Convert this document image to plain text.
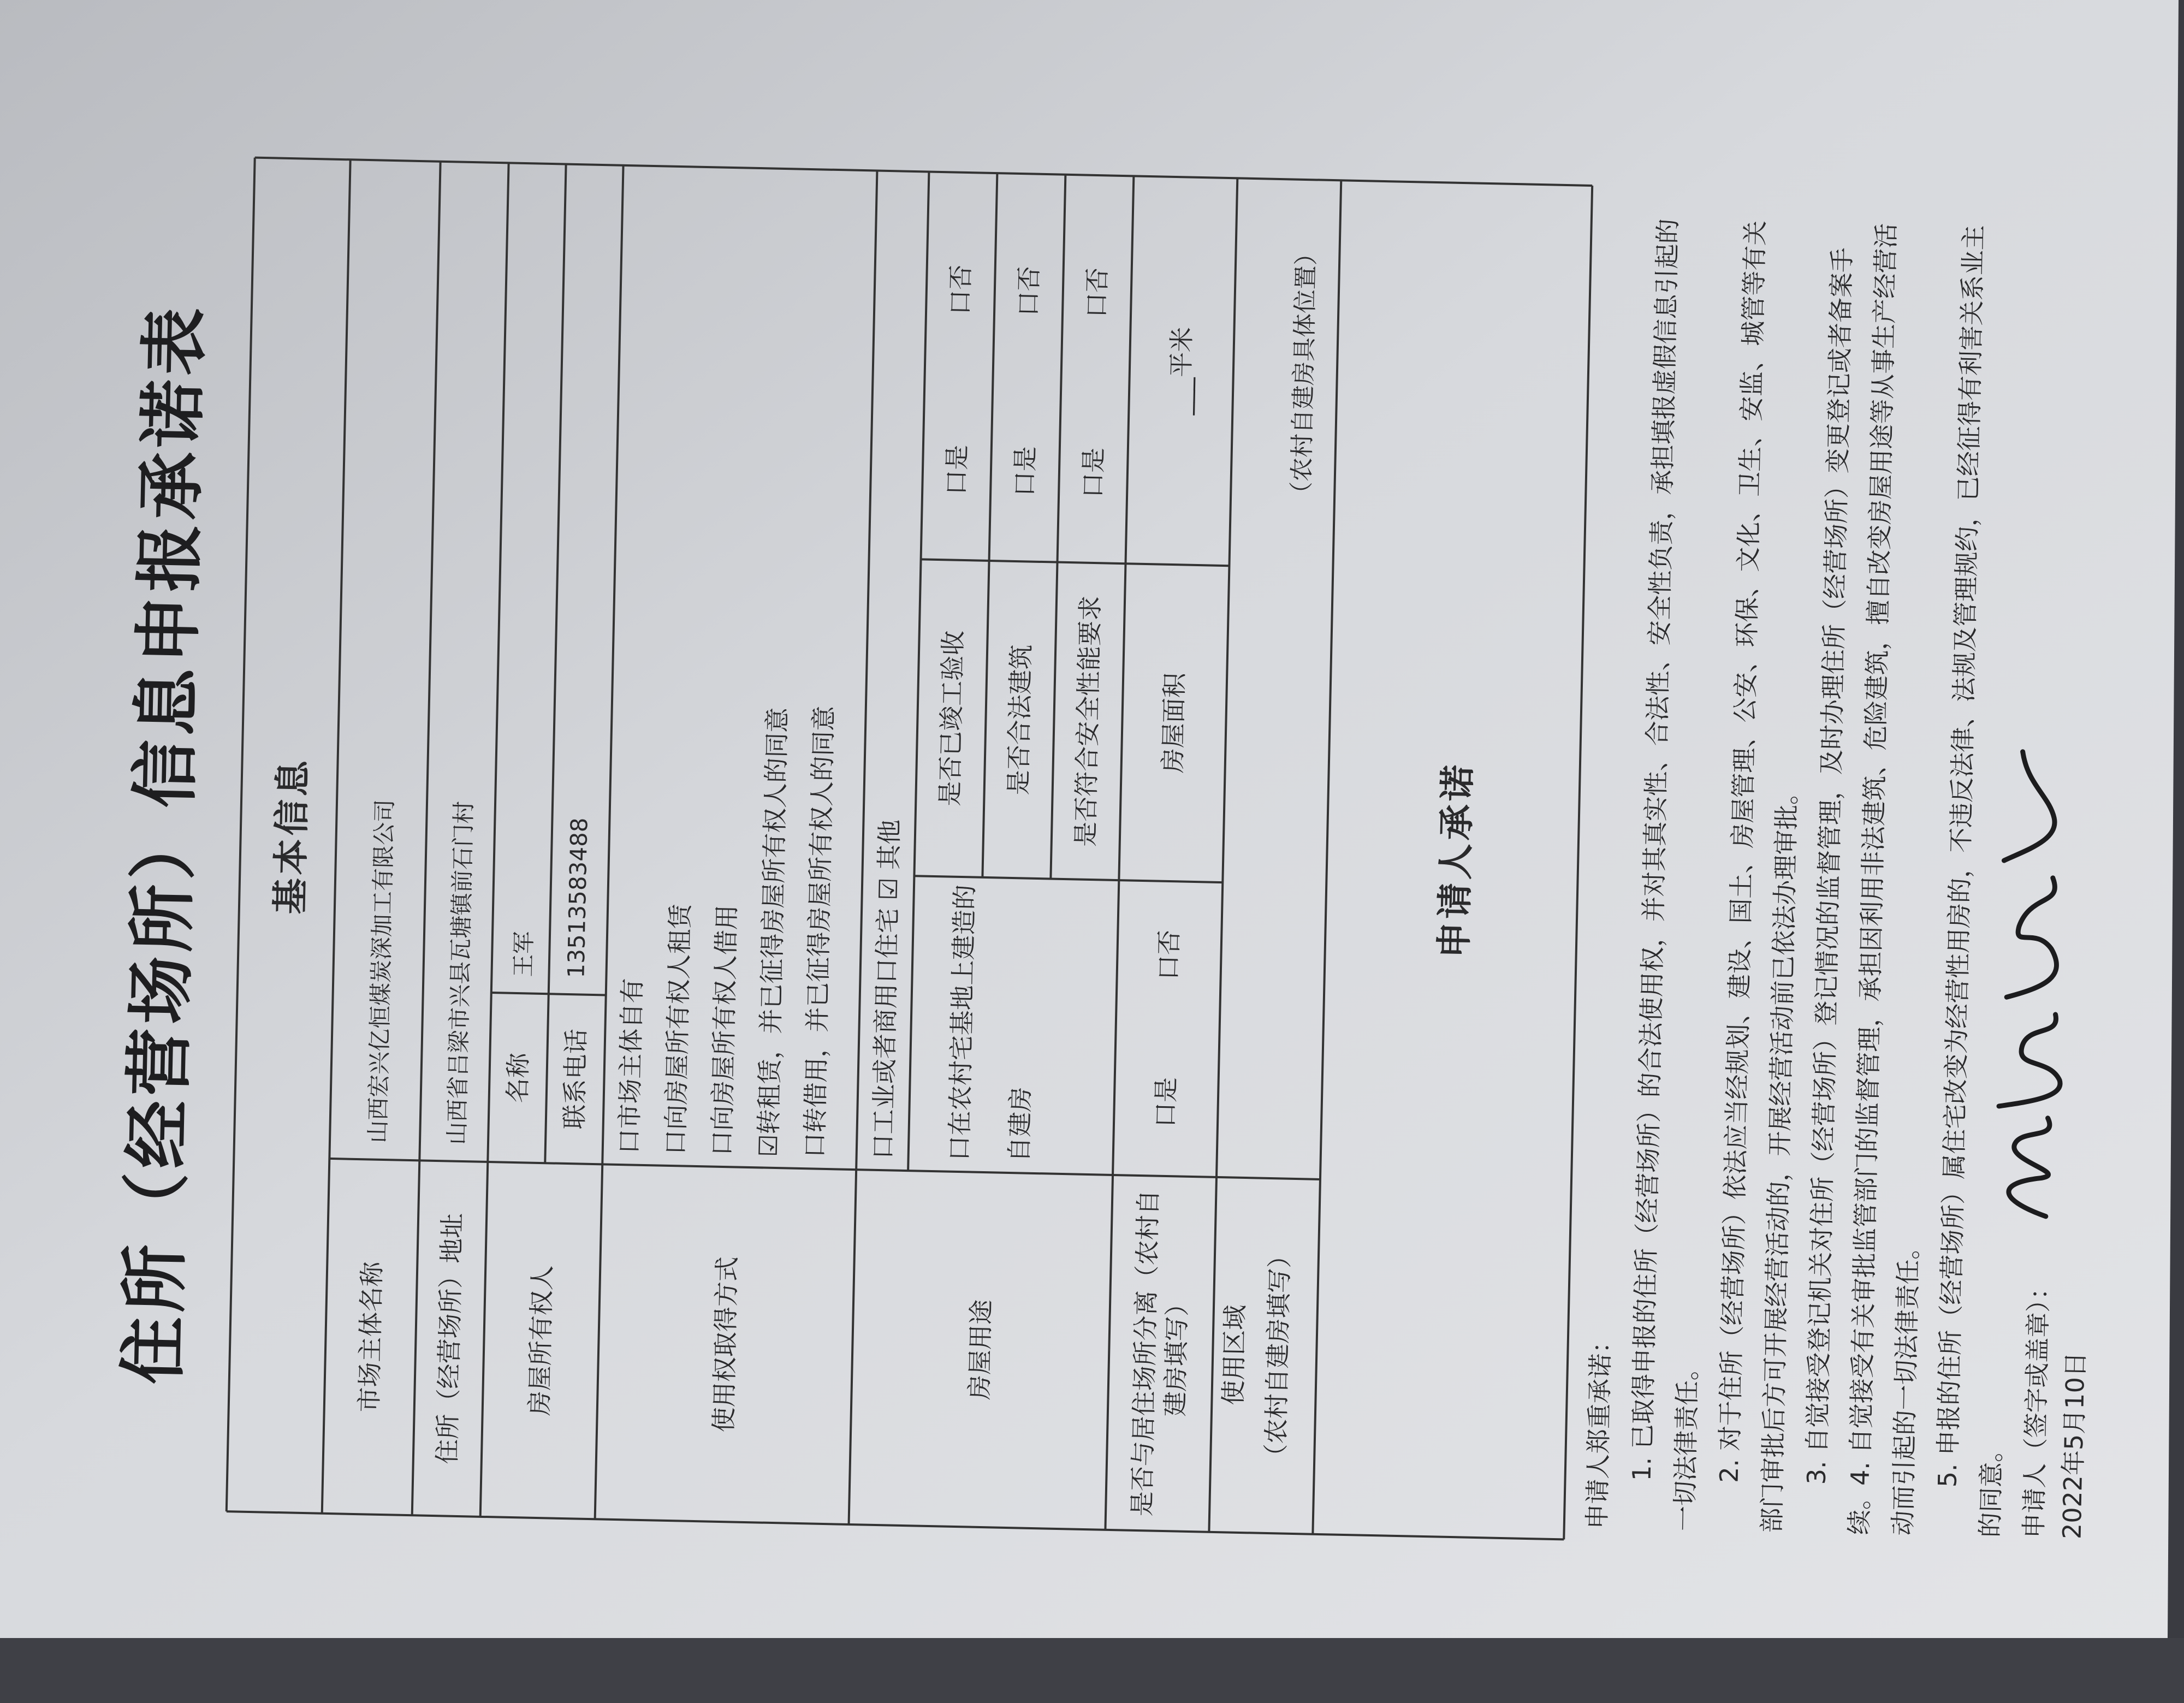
住所（经营场所）信息申报承诺表	基本信息
市场主体名称
山西宏兴亿恒煤炭深加工有限公司
住所（经营场所）地址
山西省吕梁市兴县瓦塘镇前石门村
房屋所有权人
名称
王军
联系电话
13513583488
使用权取得方式
口市场主体自有 口向房屋所有权人租赁 口向房屋所有权人借用 ☑转租赁，并已征得房屋所有权人的同意 口转借用，并已征得房屋所有权人的同意
房屋用途
口工业或者商用口住宅 ☑ 其他	口在农村宅基地上建造的 自建房
是否已竣工验收
口是
口否
是否合法建筑
口是
口否
是否符合安全性能要求
口是
口否
是否与居住场所分离（农村自建房填写）
口是
口否
房屋面积
___平米
使用区域 （农村自建房填写）
（农村自建房具体位置）
申请人承诺
申请人郑重承诺： 1. 已取得申报的住所（经营场所）的合法使用权，并对其真实性、合法性、安全性负责，承担填报虚假信息引起的一切法律责任。 2. 对于住所（经营场所）依法应当经规划、建设、国土、房屋管理、公安、环保、文化、卫生、安监、城管等有关部门审批后方可开展经营活动的，开展经营活动前已依法办理审批。
3. 自觉接受登记机关对住所（经营场所）登记情况的监督管理，及时办理住所（经营场所）变更登记或者备案手续。
4. 自觉接受有关审批监管部门的监督管理，承担因利用非法建筑、危险建筑，擅自改变房屋用途等从事生产经营活动而引起的一切法律责任。 5. 申报的住所（经营场所）属住宅改变为经营性用房的，不违反法律、法规及管理规约，已经征得有利害关系业主的同意。 申请人（签字或盖章）： 2022年5月10日
